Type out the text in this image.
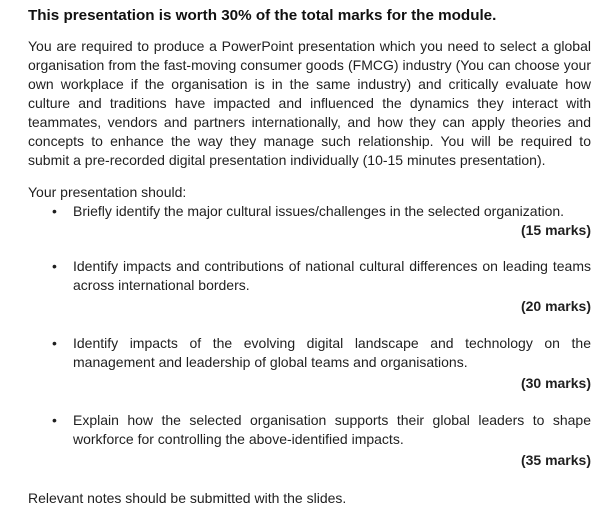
This presentation is worth 30% of the total marks for the module.

You are required to produce a PowerPoint presentation which you need to select a global organisation from the fast-moving consumer goods (FMCG) industry (You can choose your own workplace if the organisation is in the same industry) and critically evaluate how culture and traditions have impacted and influenced the dynamics they interact with teammates, vendors and partners internationally, and how they can apply theories and concepts to enhance the way they manage such relationship. You will be required to submit a pre-recorded digital presentation individually (10-15 minutes presentation).

Your presentation should:

• Briefly identify the major cultural issues/challenges in the selected organization.

(15 marks)

• Identify impacts and contributions of national cultural differences on leading teams across international borders.

(20 marks)

• Identify impacts of the evolving digital landscape and technology on the management and leadership of global teams and organisations.

(30 marks)

• Explain how the selected organisation supports their global leaders to shape workforce for controlling the above-identified impacts.

(35 marks)

Relevant notes should be submitted with the slides.
